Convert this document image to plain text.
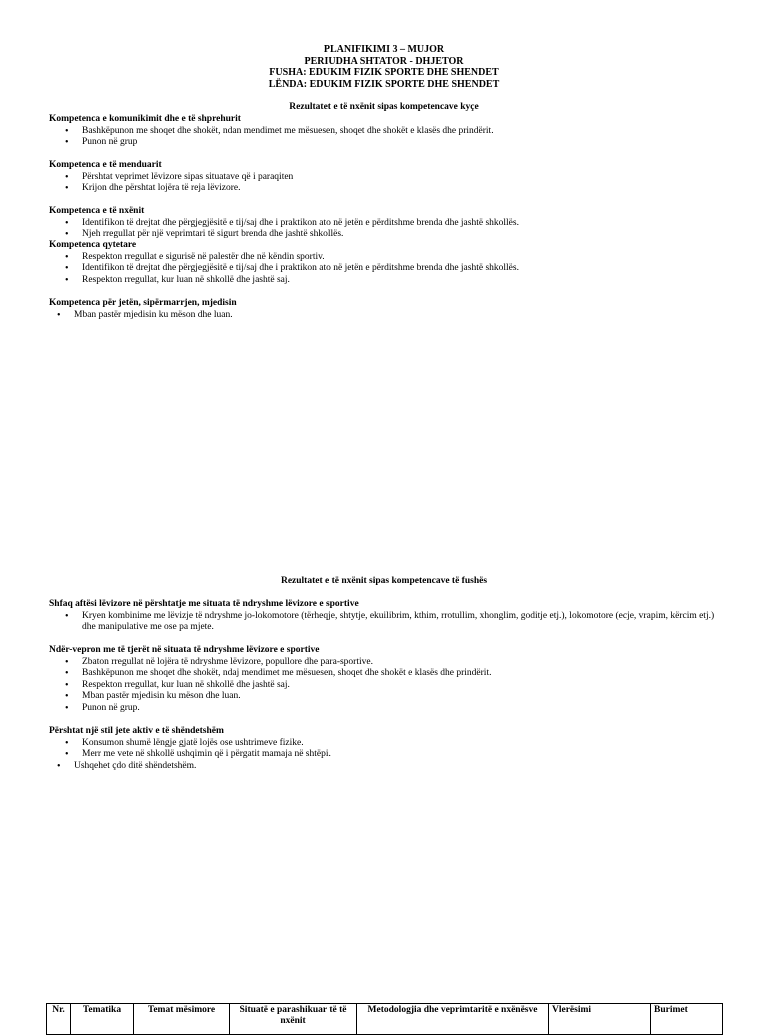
PLANIFIKIMI 3 – MUJOR
PERIUDHA SHTATOR - DHJETOR
FUSHA: EDUKIM FIZIK SPORTE DHE SHENDET
LËNDA: EDUKIM FIZIK SPORTE DHE SHENDET
Rezultatet e të nxënit sipas kompetencave kyçe
Kompetenca e komunikimit dhe e të shprehurit
• Bashkëpunon me shoqet dhe shokët, ndan mendimet me mësuesen, shoqet dhe shokët e klasës dhe prindërit.
• Punon në grup
Kompetenca e të menduarit
• Përshtat veprimet lëvizore sipas situatave që i paraqiten
• Krijon dhe përshtat lojëra të reja lëvizore.
Kompetenca e të nxënit
• Identifikon të drejtat dhe përgjegjësitë e tij/saj dhe i praktikon ato në jetën e përditshme brenda dhe jashtë shkollës.
• Njeh rregullat për një veprimtari të sigurt brenda dhe jashtë shkollës.
Kompetenca qytetare
• Respekton rregullat e sigurisë në palestër dhe në këndin sportiv.
• Identifikon të drejtat dhe përgjegjësitë e tij/saj dhe i praktikon ato në jetën e përditshme brenda dhe jashtë shkollës.
• Respekton rregullat, kur luan në shkollë dhe jashtë saj.
Kompetenca për jetën, sipërmarrjen, mjedisin
• Mban pastër mjedisin ku mëson dhe luan.
Rezultatet e të nxënit sipas kompetencave të fushës
Shfaq aftësi lëvizore në përshtatje me situata të ndryshme lëvizore e sportive
• Kryen kombinime me lëvizje të ndryshme jo-lokomotore (tërheqje, shtytje, ekuilibrim, kthim, rrotullim, xhonglim, goditje etj.), lokomotore (ecje, vrapim, kërcim etj.) dhe manipulative me ose pa mjete.
Ndër-vepron me të tjerët në situata të ndryshme lëvizore e sportive
• Zbaton rregullat në lojëra të ndryshme lëvizore, popullore dhe para-sportive.
• Bashkëpunon me shoqet dhe shokët, ndaj mendimet me mësuesen, shoqet dhe shokët e klasës dhe prindërit.
• Respekton rregullat, kur luan në shkollë dhe jashtë saj.
• Mban pastër mjedisin ku mëson dhe luan.
• Punon në grup.
Përshtat një stil jete aktiv e të shëndetshëm
• Konsumon shumë lëngje gjatë lojës ose ushtrimeve fizike.
• Merr me vete në shkollë ushqimin që i përgatit mamaja në shtëpi.
• Ushqehet çdo ditë shëndetshëm.
Nr.	Tematika	Temat mësimore	Situatë e parashikuar të të nxënit	Metodologjia dhe veprimtaritë e nxënësve	Vlerësimi	Burimet
